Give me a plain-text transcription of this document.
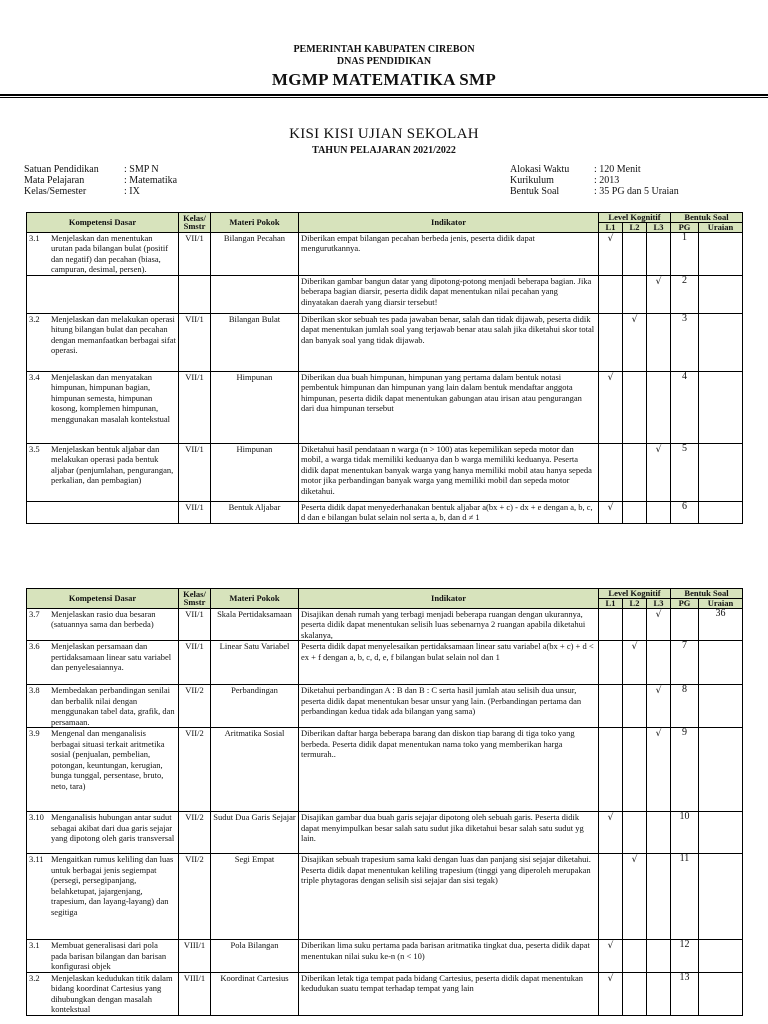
PEMERINTAH KABUPATEN CIREBON
DNAS PENDIDIKAN
MGMP MATEMATIKA SMP
KISI KISI UJIAN SEKOLAH
TAHUN PELAJARAN 2021/2022
Satuan Pendidikan	: SMP N
Mata Pelajaran	: Matematika
Kelas/Semester	: IX
Alokasi Waktu	: 120 Menit
Kurikulum	: 2013
Bentuk Soal	: 35 PG dan 5 Uraian
Kompetensi Dasar	Kelas/ Smstr	Materi Pokok	Indikator	Level Kognitif			Bentuk Soal	
				L1	L2	L3	PG	Uraian

3.1 Menjelaskan dan menentukan urutan pada bilangan bulat (positif dan negatif) dan pecahan (biasa, campuran, desimal, persen).	VII/1	Bilangan Pecahan	Diberikan empat bilangan pecahan berbeda jenis, peserta didik dapat mengurutkannya.	√			1	
			Diberikan gambar bangun datar yang dipotong-potong menjadi beberapa bagian. Jika beberapa bagian diarsir, peserta didik dapat menentukan nilai pecahan yang dinyatakan daerah yang diarsir tersebut!			√	2	

3.2 Menjelaskan dan melakukan operasi hitung bilangan bulat dan pecahan dengan memanfaatkan berbagai sifat operasi.	VII/1	Bilangan Bulat	Diberikan skor sebuah tes pada jawaban benar, salah dan tidak dijawab, peserta didik dapat menentukan jumlah soal yang terjawab benar atau salah jika diketahui skor total dan banyak soal yang tidak dijawab.		√		3	

3.4 Menjelaskan dan menyatakan himpunan, himpunan bagian, himpunan semesta, himpunan kosong, komplemen himpunan, menggunakan masalah kontekstual	VII/1	Himpunan	Diberikan dua buah himpunan, himpunan yang pertama dalam bentuk notasi pembentuk himpunan dan himpunan yang lain dalam bentuk mendaftar anggota himpunan, peserta didik dapat menentukan gabungan atau irisan atau pengurangan dari dua himpunan tersebut	√			4	

3.5 Menjelaskan bentuk aljabar dan melakukan operasi pada bentuk aljabar (penjumlahan, pengurangan, perkalian, dan pembagian)	VII/1	Himpunan	Diketahui hasil pendataan n warga (n > 100) atas kepemilikan sepeda motor dan mobil, a warga tidak memiliki keduanya dan b warga memiliki keduanya. Peserta didik dapat menentukan banyak warga yang hanya memiliki mobil atau hanya sepeda motor jika perbandingan banyak warga yang memiliki mobil dan sepeda motor diketahui.			√	5	
	VII/1	Bentuk Aljabar	Peserta didik dapat menyederhanakan bentuk aljabar a(bx + c) - dx + e dengan a, b, c, d dan e bilangan bulat selain nol serta a, b, dan d ≠ 1	√			6	
Kompetensi Dasar	Kelas/ Smstr	Materi Pokok	Indikator	Level Kognitif			Bentuk Soal	
				L1	L2	L3	PG	Uraian

3.7 Menjelaskan rasio dua besaran (satuannya sama dan berbeda)	VII/1	Skala Pertidaksamaan	Disajikan denah rumah yang terbagi menjadi beberapa ruangan dengan ukurannya, peserta didik dapat menentukan selisih luas sebenarnya 2 ruangan apabila diketahui skalanya,			√		36

3.6 Menjelaskan persamaan dan pertidaksamaan linear satu variabel dan penyelesaiannya.	VII/1	Linear Satu Variabel	Peserta didik dapat menyelesaikan pertidaksamaan linear satu variabel a(bx + c) + d < ex + f dengan a, b, c, d, e, f bilangan bulat selain nol dan 1		√		7	

3.8 Membedakan perbandingan senilai dan berbalik nilai dengan menggunakan tabel data, grafik, dan persamaan.	VII/2	Perbandingan	Diketahui perbandingan A : B dan B : C serta hasil jumlah atau selisih dua unsur, peserta didik dapat menentukan besar unsur yang lain. (Perbandingan pertama dan perbandingan kedua tidak ada bilangan yang sama)			√	8	

3.9 Mengenal dan menganalisis berbagai situasi terkait aritmetika sosial (penjualan, pembelian, potongan, keuntungan, kerugian, bunga tunggal, persentase, bruto, neto, tara)	VII/2	Aritmatika Sosial	Diberikan daftar harga beberapa barang dan diskon tiap barang di tiga toko yang berbeda. Peserta didik dapat menentukan nama toko yang memberikan harga termurah..			√	9	

3.10 Menganalisis hubungan antar sudut sebagai akibat dari dua garis sejajar yang dipotong oleh garis transversal	VII/2	Sudut Dua Garis Sejajar	Disajikan gambar dua buah garis sejajar dipotong oleh sebuah garis. Peserta didik dapat menyimpulkan besar salah satu sudut jika diketahui besar salah satu sudut yg lain.	√			10	

3.11 Mengaitkan rumus keliling dan luas untuk berbagai jenis segiempat (persegi, persegipanjang, belahketupat, jajargenjang, trapesium, dan layang-layang) dan segitiga	VII/2	Segi Empat	Disajikan sebuah trapesium sama kaki dengan luas dan panjang sisi sejajar diketahui. Peserta didik dapat menentukan keliling trapesium (tinggi yang diperoleh merupakan triple phytagoras dengan selisih sisi sejajar dan sisi tegak)		√		11	

3.1 Membuat generalisasi dari pola pada barisan bilangan dan barisan konfigurasi objek	VIII/1	Pola Bilangan	Diberikan lima suku pertama pada barisan aritmatika tingkat dua, peserta didik dapat menentukan nilai suku ke-n (n < 10)	√			12	

3.2 Menjelaskan kedudukan titik dalam bidang koordinat Cartesius yang dihubungkan dengan masalah kontekstual	VIII/1	Koordinat Cartesius	Diberikan letak tiga tempat pada bidang Cartesius, peserta didik dapat menentukan kedudukan suatu tempat terhadap tempat yang lain	√			13	
